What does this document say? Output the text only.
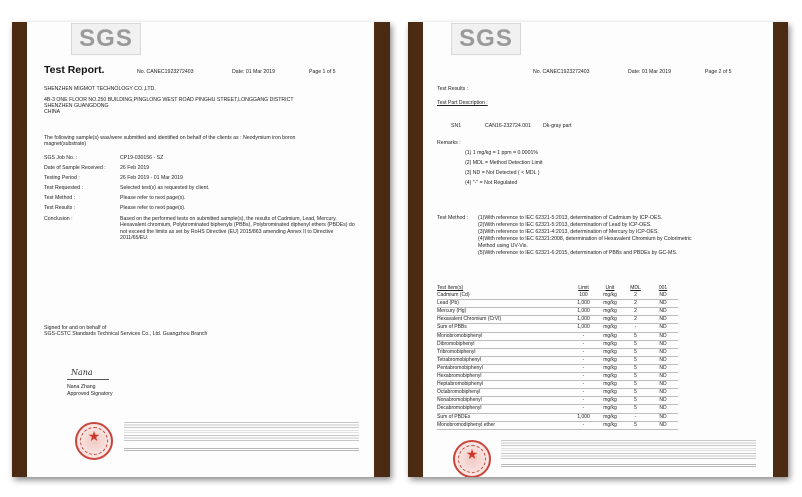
SGS
Test Report.	No. CANEC1923272403	Date: 01 Mar 2019	Page 1 of 5
SHENZHEN MIGMOT TECHNOLOGY CO.,LTD.
4B-3 ONE FLOOR NO.250 BUILDING,PINGLONG WEST ROAD PINGHU STREET,LONGGANG DISTRICT
SHENZHEN GUANGDONG
CHINA
The following sample(s) was/were submitted and identified on behalf of the clients as : Neodymium iron boron
magnet(substrate)
SGS Job No. :	CP19-030156 - SZ
Date of Sample Received :	26 Feb 2019
Testing Period :	26 Feb 2019 - 01 Mar 2019
Test Requested :	Selected test(s) as requested by client.
Test Method :	Please refer to next page(s).
Test Results :	Please refer to next page(s).
Conclusion :	Based on the performed tests on submitted sample(s), the results of Cadmium, Lead, Mercury, Hexavalent chromium, Polybrominated biphenyls (PBBs), Polybrominated diphenyl ethers (PBDEs) do not exceed the limits as set by RoHS Directive (EU) 2015/863 amending Annex II to Directive 2011/65/EU.
Signed for and on behalf of
SGS-CSTC Standards Technical Services Co., Ltd. Guangzhou Branch
Nana
Nana Zhang
Approved Signatory
★

SGS
No. CANEC1923272403	Date: 01 Mar 2019	Page 2 of 5
Test Results :
Test Part Description :
SN1	CAN16-232724.001 Dk-gray part
Remarks :
(1) 1 mg/kg = 1 ppm = 0.0001%
(2) MDL = Method Detection Limit
(3) ND = Not Detected ( < MDL )
(4) "-" = Not Regulated
Test Method : (1)With reference to IEC 62321-5:2013, determination of Cadmium by ICP-OES.
(2)With reference to IEC 62321-5:2013, determination of Lead by ICP-OES.
(3)With reference to IEC 62321-4:2013, determination of Mercury by ICP-OES.
(4)With reference to IEC 62321:2008, determination of Hexavalent Chromium by Colorimetric
Method using UV-Vis.
(5)With reference to IEC 62321-6:2015, determination of PBBs and PBDEs by GC-MS.
Test Item(s)	Limit	Unit	MDL	001
Cadmium (Cd)	100	mg/kg	2	ND
Lead (Pb)	1,000	mg/kg	2	ND
Mercury (Hg)	1,000	mg/kg	2	ND
Hexavalent Chromium (CrVI)	1,000	mg/kg	2	ND
Sum of PBBs	1,000	mg/kg	-	ND
Monobromobiphenyl	-	mg/kg	5	ND
Dibromobiphenyl	-	mg/kg	5	ND
Tribromobiphenyl	-	mg/kg	5	ND
Tetrabromobiphenyl	-	mg/kg	5	ND
Pentabromobiphenyl	-	mg/kg	5	ND
Hexabromobiphenyl	-	mg/kg	5	ND
Heptabromobiphenyl	-	mg/kg	5	ND
Octabromobiphenyl	-	mg/kg	5	ND
Nonabromobiphenyl	-	mg/kg	5	ND
Decabromobiphenyl	-	mg/kg	5	ND
Sum of PBDEs	1,000	mg/kg	-	ND
Monobromodiphenyl ether	-	mg/kg	5	ND
★
